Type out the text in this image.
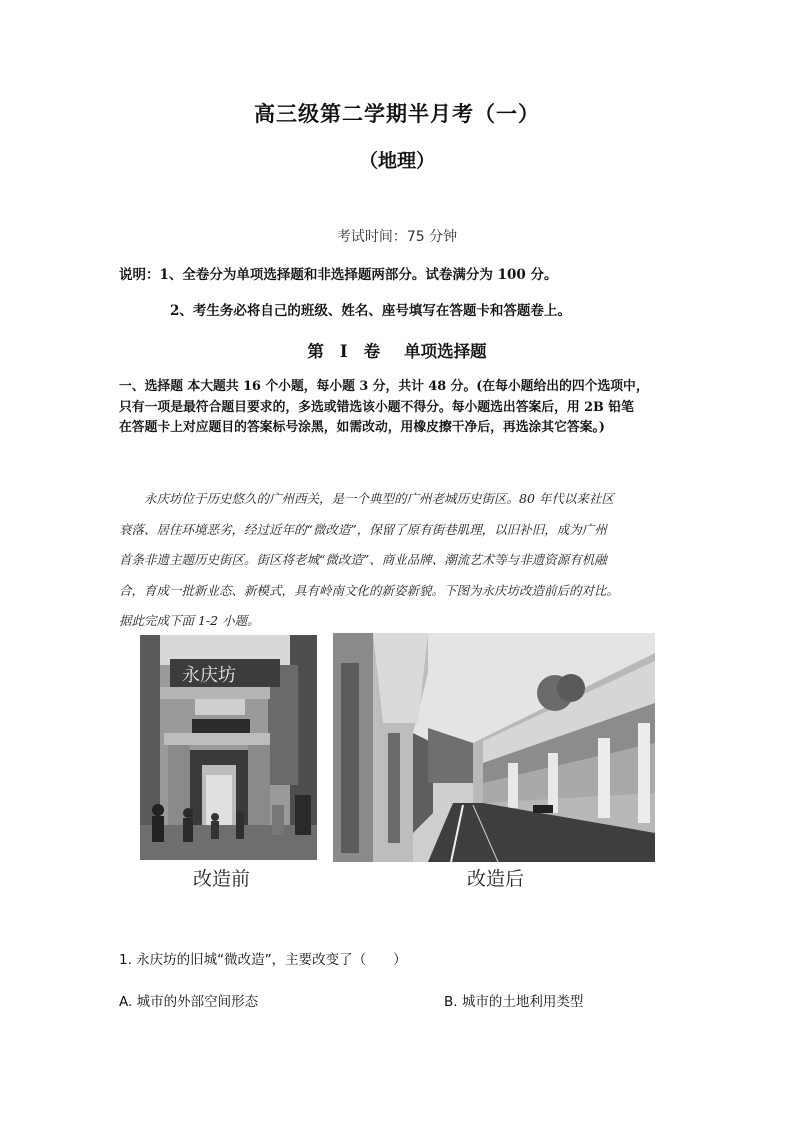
高三级第二学期半月考（一）
（地理）
考试时间：75 分钟
说明：1、全卷分为单项选择题和非选择题两部分。试卷满分为 100 分。
2、考生务必将自己的班级、姓名、座号填写在答题卡和答题卷上。
第 I 卷 单项选择题

一、选择题 本大题共 16 个小题，每小题 3 分，共计 48 分。(在每小题给出的四个选项中，

只有一项是最符合题目要求的，多选或错选该小题不得分。每小题选出答案后，用 2B 铅笔

在答题卡上对应题目的答案标号涂黑，如需改动，用橡皮擦干净后，再选涂其它答案。)

　　永庆坊位于历史悠久的广州西关，是一个典型的广州老城历史街区。80 年代以来社区

衰落、居住环境恶劣，经过近年的“微改造”，保留了原有街巷肌理，以旧补旧，成为广州

首条非遗主题历史街区。街区将老城“微改造”、商业品牌、潮流艺术等与非遗资源有机融

合，育成一批新业态、新模式，具有岭南文化的新姿新貌。下图为永庆坊改造前后的对比。

据此完成下面 1-2 小题。

永庆坊
改造前	改造后
1. 永庆坊的旧城“微改造”，主要改变了（　　）
A. 城市的外部空间形态	B. 城市的土地利用类型
